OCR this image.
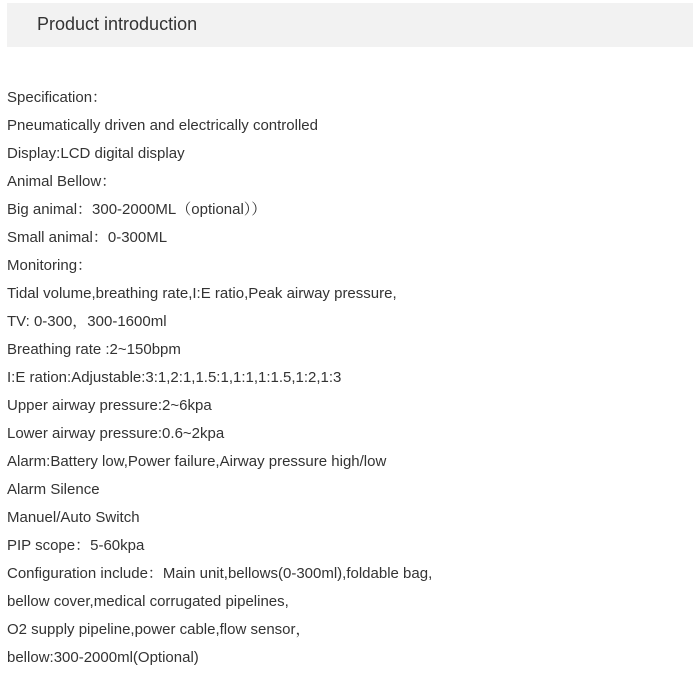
Product introduction
Specification：
Pneumatically driven and electrically controlled
Display:LCD digital display
Animal Bellow：
Big animal：300-2000ML（optional））
Small animal：0-300ML
Monitoring：
Tidal volume,breathing rate,I:E ratio,Peak airway pressure,
TV: 0-300，300-1600ml
Breathing rate :2~150bpm
I:E ration:Adjustable:3:1,2:1,1.5:1,1:1,1:1.5,1:2,1:3
Upper airway pressure:2~6kpa
Lower airway pressure:0.6~2kpa
Alarm:Battery low,Power failure,Airway pressure high/low
Alarm Silence
Manuel/Auto Switch
PIP scope：5-60kpa
Configuration include：Main unit,bellows(0-300ml),foldable bag,
bellow cover,medical corrugated pipelines,
O2 supply pipeline,power cable,flow sensor，
bellow:300-2000ml(Optional)
